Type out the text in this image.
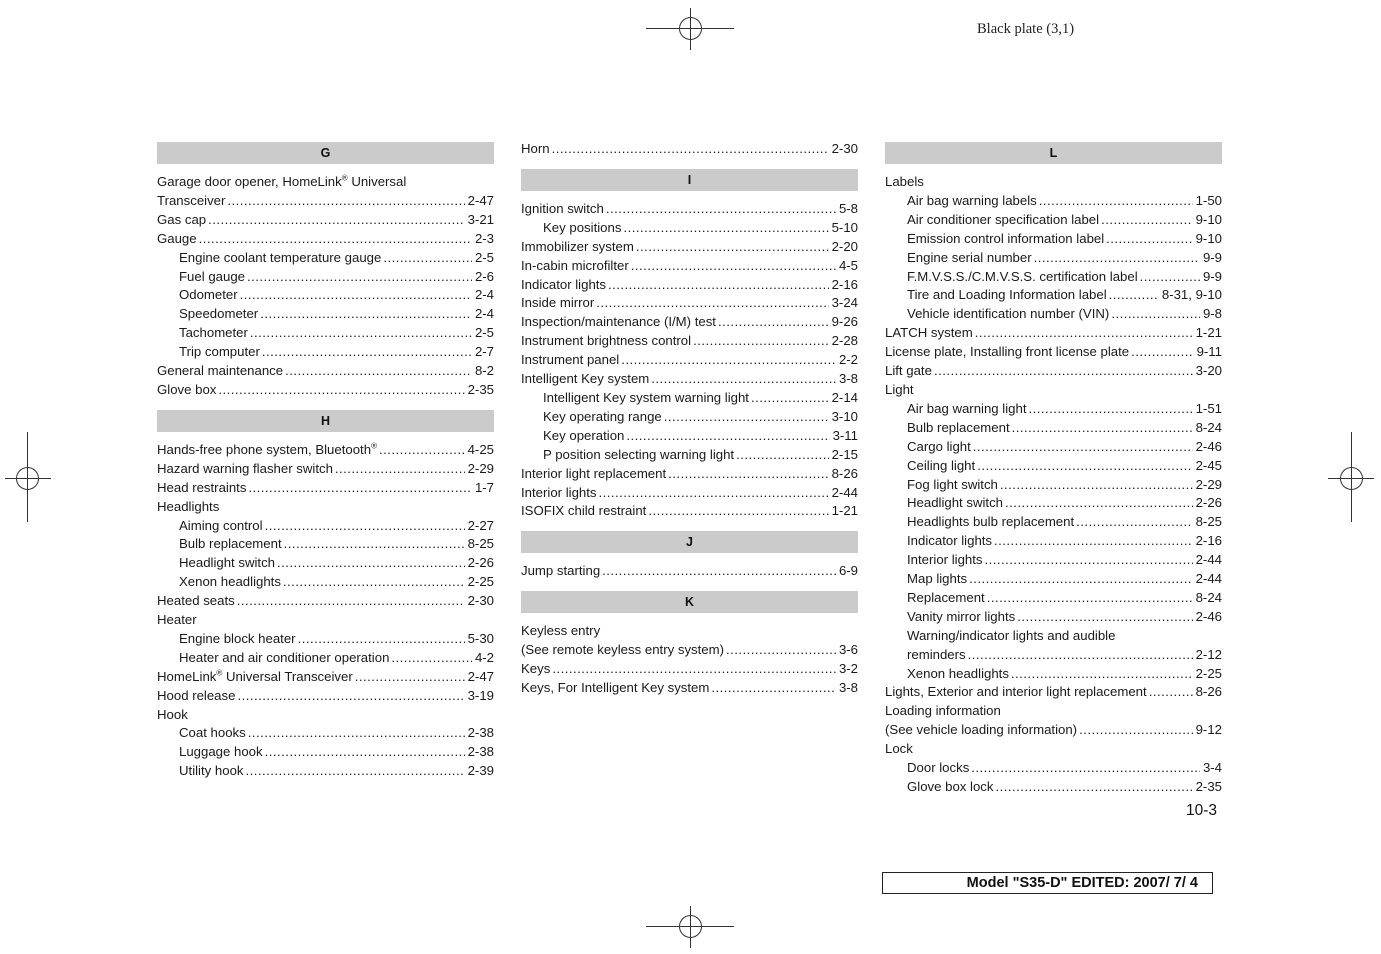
Black plate (3,1)
G
Garage door opener, HomeLink® Universal
Transceiver . . .	2-47
Gas cap . . .	3-21
Gauge . . .	2-3
Engine coolant temperature gauge . . .	2-5
Fuel gauge . . .	2-6
Odometer . . .	2-4
Speedometer . . .	2-4
Tachometer . . .	2-5
Trip computer . . .	2-7
General maintenance . . .	8-2
Glove box . . .	2-35
H
Hands-free phone system, Bluetooth® . . .	4-25
Hazard warning flasher switch . . .	2-29
Head restraints . . .	1-7
Headlights
Aiming control . . .	2-27
Bulb replacement . . .	8-25
Headlight switch . . .	2-26
Xenon headlights . . .	2-25
Heated seats . . .	2-30
Heater
Engine block heater . . .	5-30
Heater and air conditioner operation . . .	4-2
HomeLink® Universal Transceiver . . .	2-47
Hood release . . .	3-19
Hook
Coat hooks . . .	2-38
Luggage hook . . .	2-38
Utility hook . . .	2-39
Horn . . .	2-30
I
Ignition switch . . .	5-8
Key positions . . .	5-10
Immobilizer system . . .	2-20
In-cabin microfilter . . .	4-5
Indicator lights . . .	2-16
Inside mirror . . .	3-24
Inspection/maintenance (I/M) test . . .	9-26
Instrument brightness control . . .	2-28
Instrument panel . . .	2-2
Intelligent Key system . . .	3-8
Intelligent Key system warning light . . .	2-14
Key operating range . . .	3-10
Key operation . . .	3-11
P position selecting warning light . . .	2-15
Interior light replacement . . .	8-26
Interior lights . . .	2-44
ISOFIX child restraint . . .	1-21
J
Jump starting . . .	6-9
K
Keyless entry
(See remote keyless entry system) . . .	3-6
Keys . . .	3-2
Keys, For Intelligent Key system . . .	3-8
L
Labels
Air bag warning labels . . .	1-50
Air conditioner specification label . . .	9-10
Emission control information label . . .	9-10
Engine serial number . . .	9-9
F.M.V.S.S./C.M.V.S.S. certification label . . .	9-9
Tire and Loading Information label . . .	8-31, 9-10
Vehicle identification number (VIN) . . .	9-8
LATCH system . . .	1-21
License plate, Installing front license plate . . .	9-11
Lift gate . . .	3-20
Light
Air bag warning light . . .	1-51
Bulb replacement . . .	8-24
Cargo light . . .	2-46
Ceiling light . . .	2-45
Fog light switch . . .	2-29
Headlight switch . . .	2-26
Headlights bulb replacement . . .	8-25
Indicator lights . . .	2-16
Interior lights . . .	2-44
Map lights . . .	2-44
Replacement . . .	8-24
Vanity mirror lights . . .	2-46
Warning/indicator lights and audible
reminders . . .	2-12
Xenon headlights . . .	2-25
Lights, Exterior and interior light replacement . . .	8-26
Loading information
(See vehicle loading information) . . .	9-12
Lock
Door locks . . .	3-4
Glove box lock . . .	2-35
10-3
Model "S35-D" EDITED: 2007/ 7/ 4
